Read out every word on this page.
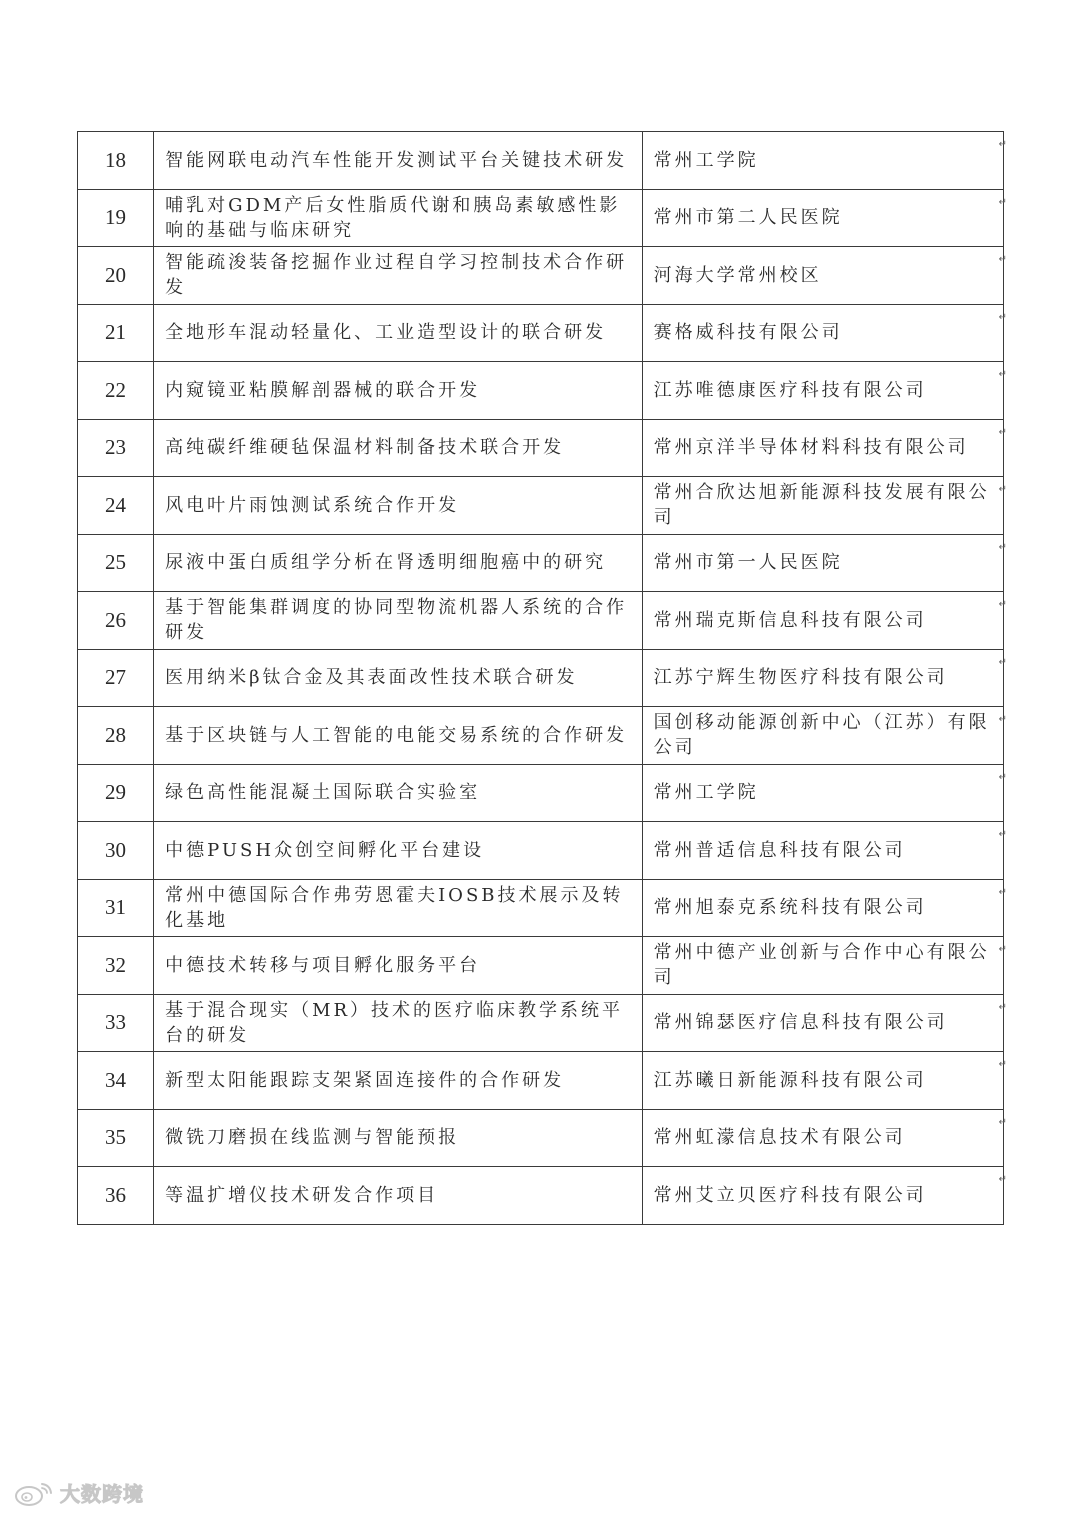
18	智能网联电动汽车性能开发测试平台关键技术研发	常州工学院
↵

19	哺乳对GDM产后女性脂质代谢和胰岛素敏感性影响的基础与临床研究	常州市第二人民医院
↵

20	智能疏浚装备挖掘作业过程自学习控制技术合作研发	河海大学常州校区
↵

21	全地形车混动轻量化、工业造型设计的联合研发	赛格威科技有限公司
↵

22	内窥镜亚粘膜解剖器械的联合开发	江苏唯德康医疗科技有限公司
↵

23	高纯碳纤维硬毡保温材料制备技术联合开发	常州京洋半导体材料科技有限公司
↵

24	风电叶片雨蚀测试系统合作开发	常州合欣达旭新能源科技发展有限公司
↵

25	尿液中蛋白质组学分析在肾透明细胞癌中的研究	常州市第一人民医院
↵

26	基于智能集群调度的协同型物流机器人系统的合作研发	常州瑞克斯信息科技有限公司
↵

27	医用纳米β钛合金及其表面改性技术联合研发	江苏宁辉生物医疗科技有限公司
↵

28	基于区块链与人工智能的电能交易系统的合作研发	国创移动能源创新中心（江苏）有限公司
↵

29	绿色高性能混凝土国际联合实验室	常州工学院
↵

30	中德PUSH众创空间孵化平台建设	常州普适信息科技有限公司
↵

31	常州中德国际合作弗劳恩霍夫IOSB技术展示及转化基地	常州旭泰克系统科技有限公司
↵

32	中德技术转移与项目孵化服务平台	常州中德产业创新与合作中心有限公司
↵

33	基于混合现实（MR）技术的医疗临床教学系统平台的研发	常州锦瑟医疗信息科技有限公司
↵

34	新型太阳能跟踪支架紧固连接件的合作研发	江苏曦日新能源科技有限公司
↵

35	微铣刀磨损在线监测与智能预报	常州虹濛信息技术有限公司
↵

36	等温扩增仪技术研发合作项目	常州艾立贝医疗科技有限公司
↵
大数跨境
